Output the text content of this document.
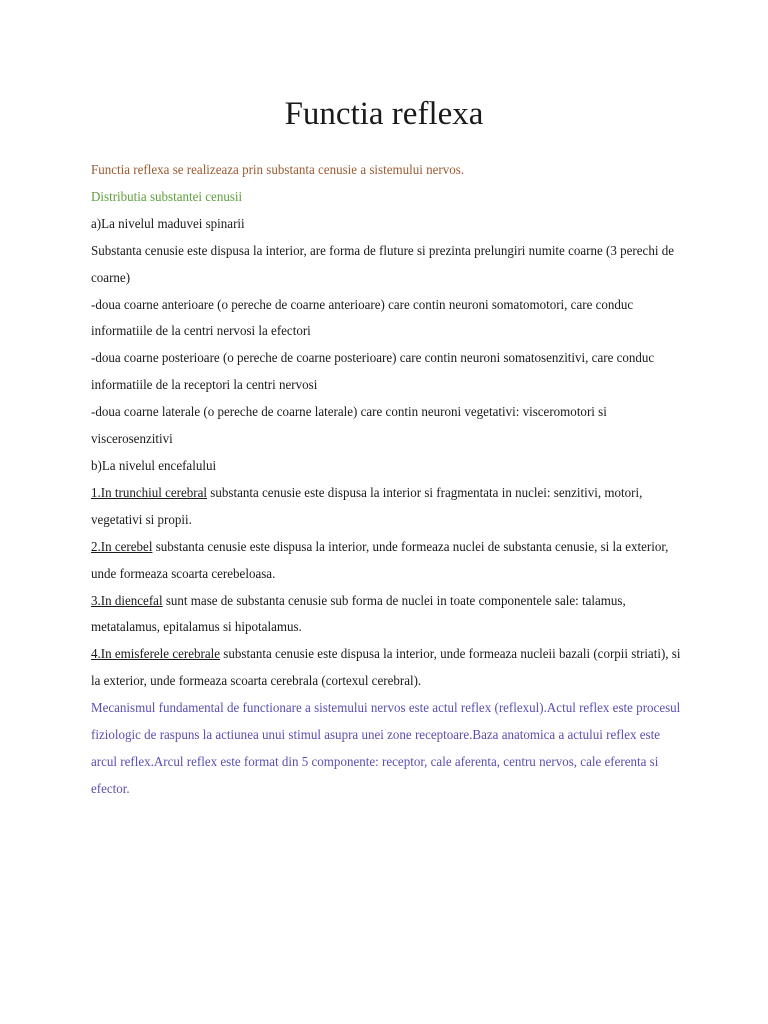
Functia reflexa

Functia reflexa se realizeaza prin substanta cenusie a sistemului nervos.

Distributia substantei cenusii

a)La nivelul maduvei spinarii

Substanta cenusie este dispusa la interior, are forma de fluture si prezinta prelungiri numite coarne (3 perechi de coarne)

-doua coarne anterioare (o pereche de coarne anterioare) care contin neuroni somatomotori, care conduc informatiile de la centri nervosi la efectori

-doua coarne posterioare (o pereche de coarne posterioare) care contin neuroni somatosenzitivi, care conduc informatiile de la receptori la centri nervosi

-doua coarne laterale (o pereche de coarne laterale) care contin neuroni vegetativi: visceromotori si viscerosenzitivi

b)La nivelul encefalului

1.In trunchiul cerebral substanta cenusie este dispusa la interior si fragmentata in nuclei: senzitivi, motori, vegetativi si propii.

2.In cerebel substanta cenusie este dispusa la interior, unde formeaza nuclei de substanta cenusie, si la exterior, unde formeaza scoarta cerebeloasa.

3.In diencefal sunt mase de substanta cenusie sub forma de nuclei in toate componentele sale: talamus, metatalamus, epitalamus si hipotalamus.

4.In emisferele cerebrale substanta cenusie este dispusa la interior, unde formeaza nucleii bazali (corpii striati), si la exterior, unde formeaza scoarta cerebrala (cortexul cerebral).

Mecanismul fundamental de functionare a sistemului nervos este actul reflex (reflexul).Actul reflex este procesul fiziologic de raspuns la actiunea unui stimul asupra unei zone receptoare.Baza anatomica a actului reflex este arcul reflex.Arcul reflex este format din 5 componente: receptor, cale aferenta, centru nervos, cale eferenta si efector.
